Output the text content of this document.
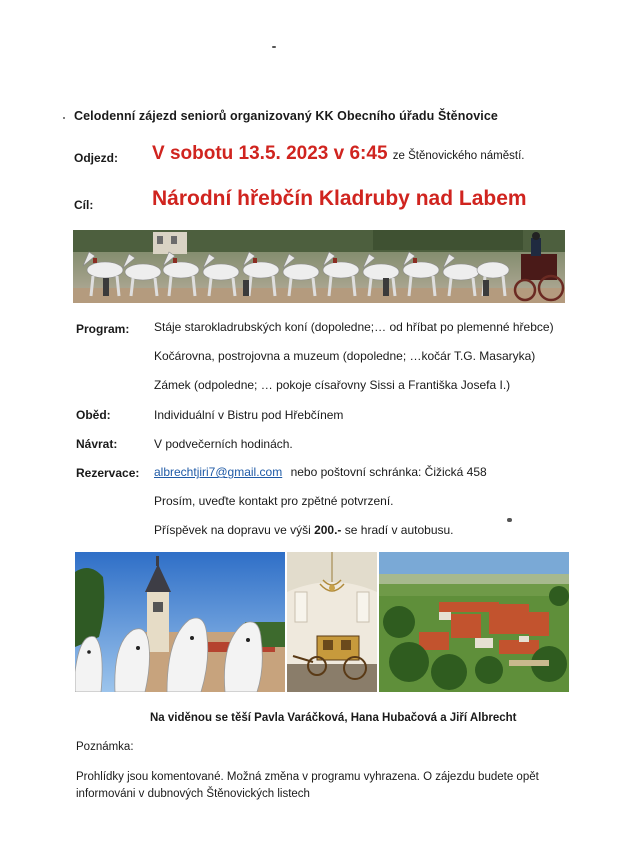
Celodenní zájezd seniorů organizovaný KK Obecního úřadu Štěnovice
Odjezd: V sobotu 13.5. 2023 v 6:45 ze Štěnovického náměstí.
Cíl:	Národní hřebčín Kladruby nad Labem
Program: Stáje starokladrubských koní (dopoledne;… od hříbat po plemenné hřebce)
Kočárovna, postrojovna a muzeum (dopoledne; …kočár T.G. Masaryka)
Zámek (odpoledne; … pokoje císařovny Sissi a Františka Josefa I.)
Oběd:	Individuální v Bistru pod Hřebčínem
Návrat:	V podvečerních hodinách.
Rezervace: albrechtjiri7@gmail.com nebo poštovní schránka: Čižická 458
Prosím, uveďte kontakt pro zpětné potvrzení.
Příspěvek na dopravu ve výši 200.- se hradí v autobusu.
Na viděnou se těší Pavla Varáčková, Hana Hubačová a Jiří Albrecht
Poznámka:
Prohlídky jsou komentované. Možná změna v programu vyhrazena. O zájezdu budete opět informováni v dubnových Štěnovických listech
